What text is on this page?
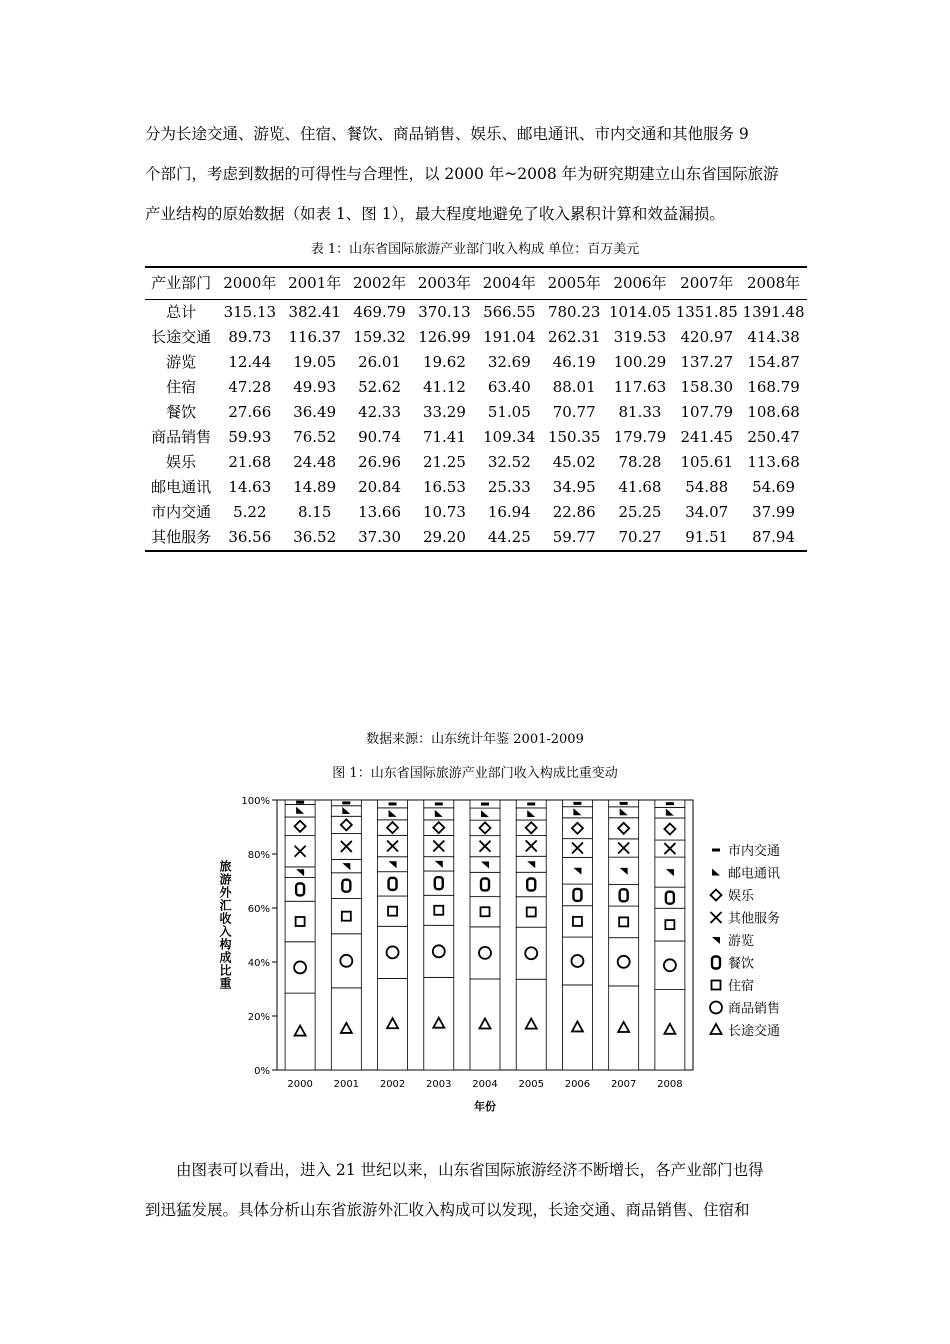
分为长途交通、游览、住宿、餐饮、商品销售、娱乐、邮电通讯、市内交通和其他服务 9

个部门，考虑到数据的可得性与合理性，以 2000 年~2008 年为研究期建立山东省国际旅游

产业结构的原始数据（如表 1、图 1），最大程度地避免了收入累积计算和效益漏损。

表 1：山东省国际旅游产业部门收入构成 单位：百万美元
产业部门	2000年	2001年	2002年	2003年	2004年	2005年	2006年	2007年	2008年
总计	315.13	382.41	469.79	370.13	566.55	780.23	1014.05	1351.85	1391.48
长途交通	89.73	116.37	159.32	126.99	191.04	262.31	319.53	420.97	414.38
游览	12.44	19.05	26.01	19.62	32.69	46.19	100.29	137.27	154.87
住宿	47.28	49.93	52.62	41.12	63.40	88.01	117.63	158.30	168.79
餐饮	27.66	36.49	42.33	33.29	51.05	70.77	81.33	107.79	108.68
商品销售	59.93	76.52	90.74	71.41	109.34	150.35	179.79	241.45	250.47
娱乐	21.68	24.48	26.96	21.25	32.52	45.02	78.28	105.61	113.68
邮电通讯	14.63	14.89	20.84	16.53	25.33	34.95	41.68	54.88	54.69
市内交通	5.22	8.15	13.66	10.73	16.94	22.86	25.25	34.07	37.99
其他服务	36.56	36.52	37.30	29.20	44.25	59.77	70.27	91.51	87.94
数据来源：山东统计年鉴 2001-2009
图 1：山东省国际旅游产业部门收入构成比重变动
0%
20%
40%
60%
80%
100%
旅游外汇收入构成比重
年份
2000 2001 2002 2003 2004 2005 2006 2007 2008
市内交通
邮电通讯
娱乐
其他服务
游览
餐饮
住宿
商品销售
长途交通

由图表可以看出，进入 21 世纪以来，山东省国际旅游经济不断增长，各产业部门也得

到迅猛发展。具体分析山东省旅游外汇收入构成可以发现，长途交通、商品销售、住宿和
